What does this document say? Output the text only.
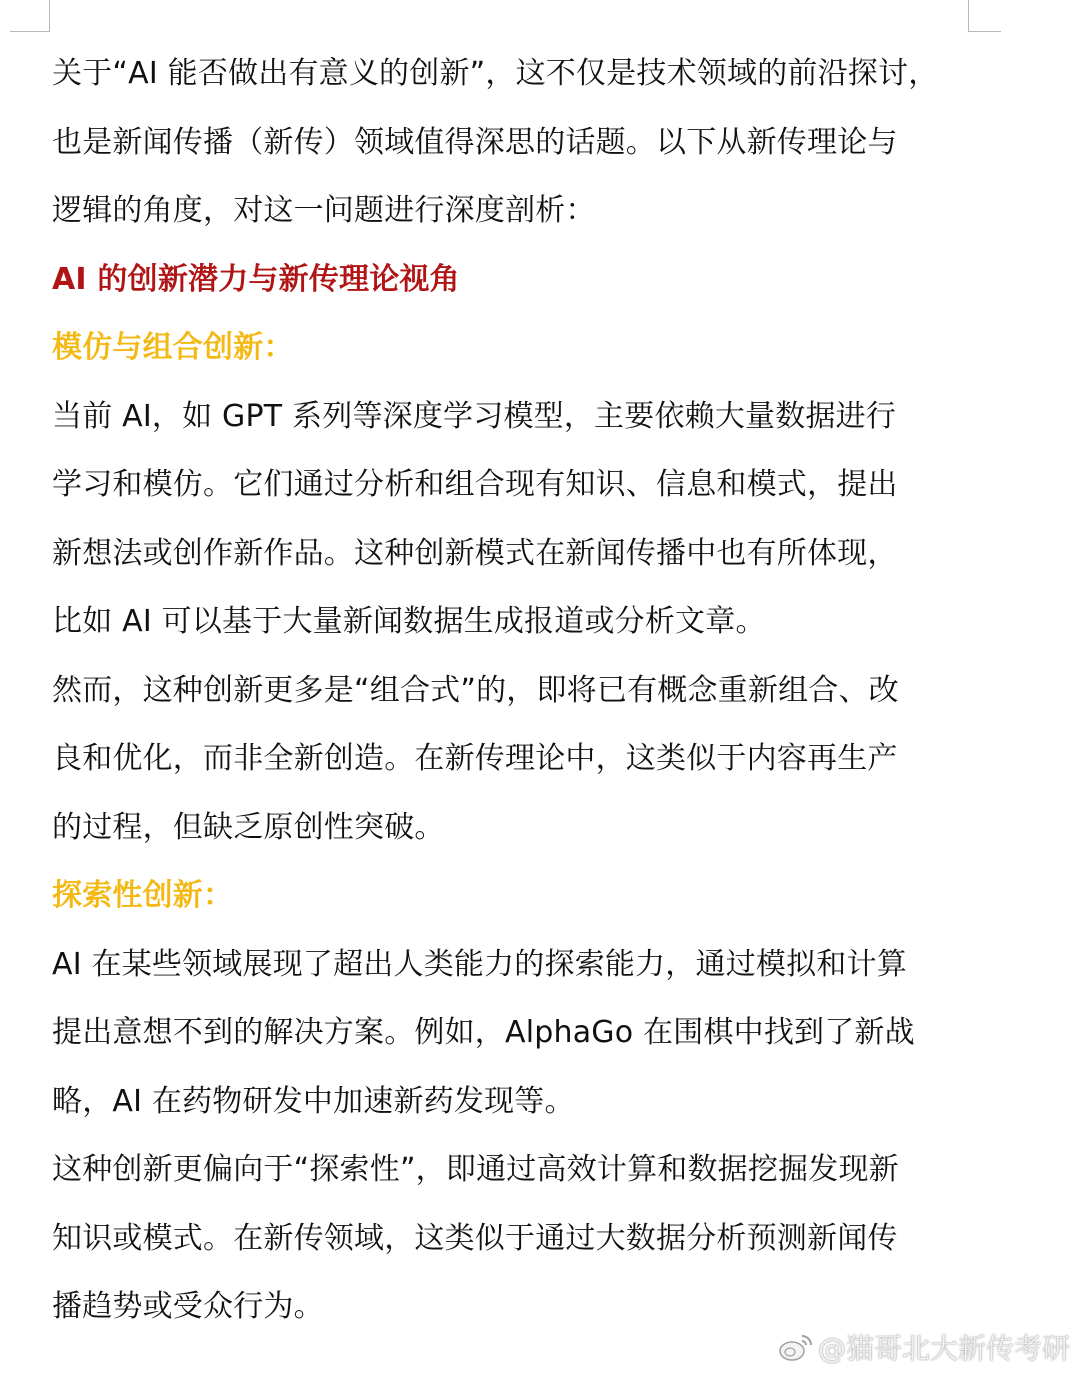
关于“AI 能否做出有意义的创新”，这不仅是技术领域的前沿探讨，
也是新闻传播（新传）领域值得深思的话题。以下从新传理论与
逻辑的角度，对这一问题进行深度剖析：
AI 的创新潜力与新传理论视角
模仿与组合创新：
当前 AI，如 GPT 系列等深度学习模型，主要依赖大量数据进行
学习和模仿。它们通过分析和组合现有知识、信息和模式，提出
新想法或创作新作品。这种创新模式在新闻传播中也有所体现，
比如 AI 可以基于大量新闻数据生成报道或分析文章。
然而，这种创新更多是“组合式”的，即将已有概念重新组合、改
良和优化，而非全新创造。在新传理论中，这类似于内容再生产
的过程，但缺乏原创性突破。
探索性创新：
AI 在某些领域展现了超出人类能力的探索能力，通过模拟和计算
提出意想不到的解决方案。例如，AlphaGo 在围棋中找到了新战
略，AI 在药物研发中加速新药发现等。
这种创新更偏向于“探索性”，即通过高效计算和数据挖掘发现新
知识或模式。在新传领域，这类似于通过大数据分析预测新闻传
播趋势或受众行为。
@猫哥北大新传考研
